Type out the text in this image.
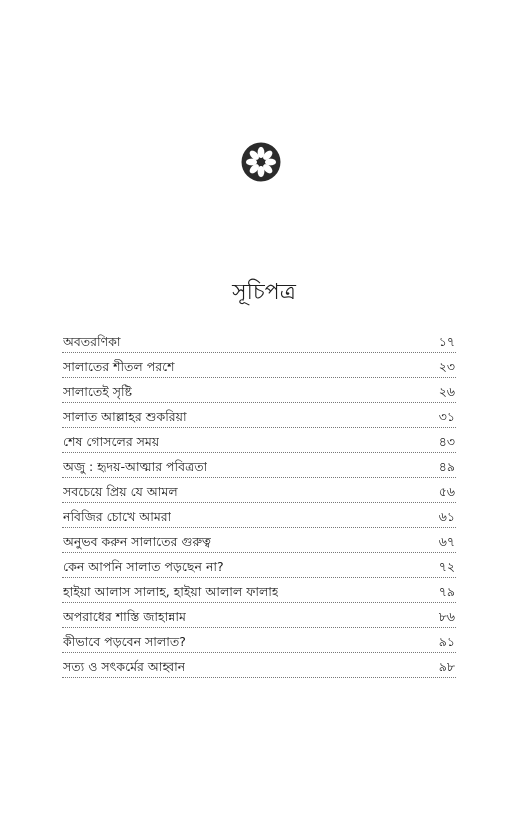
সূচিপত্র
অবতরণিকা	১৭
সালাতের শীতল পরশে	২৩
সালাতেই সৃষ্টি	২৬
সালাত আল্লাহর শুকরিয়া	৩১
শেষ গোসলের সময়	৪৩
অজু : হৃদয়-আত্মার পবিত্রতা	৪৯
সবচেয়ে প্রিয় যে আমল	৫৬
নবিজির চোখে আমরা	৬১
অনুভব করুন সালাতের গুরুত্ব	৬৭
কেন আপনি সালাত পড়ছেন না?	৭২
হাইয়া আলাস সালাহ, হাইয়া আলাল ফালাহ	৭৯
অপরাধের শাস্তি জাহান্নাম	৮৬
কীভাবে পড়বেন সালাত?	৯১
সত্য ও সৎকর্মের আহ্বান	৯৮
